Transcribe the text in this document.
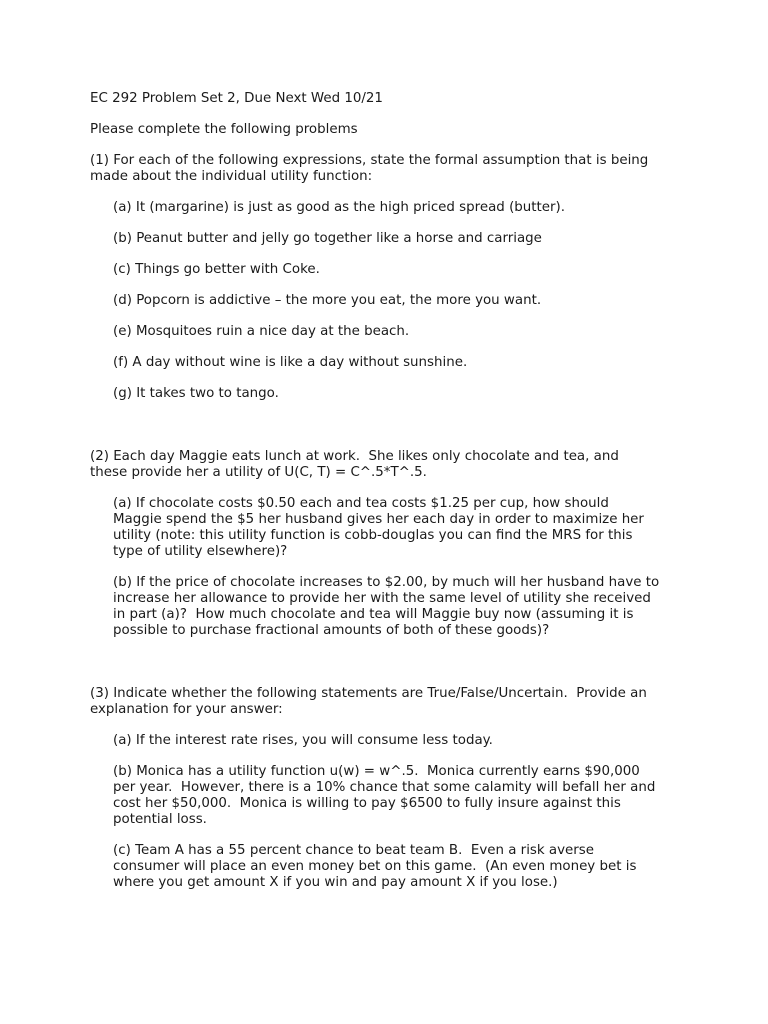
EC 292 Problem Set 2, Due Next Wed 10/21
Please complete the following problems
(1) For each of the following expressions, state the formal assumption that is being
made about the individual utility function:
(a) It (margarine) is just as good as the high priced spread (butter).
(b) Peanut butter and jelly go together like a horse and carriage
(c) Things go better with Coke.
(d) Popcorn is addictive – the more you eat, the more you want.
(e) Mosquitoes ruin a nice day at the beach.
(f) A day without wine is like a day without sunshine.
(g) It takes two to tango.
(2) Each day Maggie eats lunch at work.  She likes only chocolate and tea, and
these provide her a utility of U(C, T) = C^.5*T^.5.
(a) If chocolate costs $0.50 each and tea costs $1.25 per cup, how should
Maggie spend the $5 her husband gives her each day in order to maximize her
utility (note: this utility function is cobb-douglas you can find the MRS for this
type of utility elsewhere)?
(b) If the price of chocolate increases to $2.00, by much will her husband have to
increase her allowance to provide her with the same level of utility she received
in part (a)?  How much chocolate and tea will Maggie buy now (assuming it is
possible to purchase fractional amounts of both of these goods)?
(3) Indicate whether the following statements are True/False/Uncertain.  Provide an
explanation for your answer:
(a) If the interest rate rises, you will consume less today.
(b) Monica has a utility function u(w) = w^.5.  Monica currently earns $90,000
per year.  However, there is a 10% chance that some calamity will befall her and
cost her $50,000.  Monica is willing to pay $6500 to fully insure against this
potential loss.
(c) Team A has a 55 percent chance to beat team B.  Even a risk averse
consumer will place an even money bet on this game.  (An even money bet is
where you get amount X if you win and pay amount X if you lose.)
